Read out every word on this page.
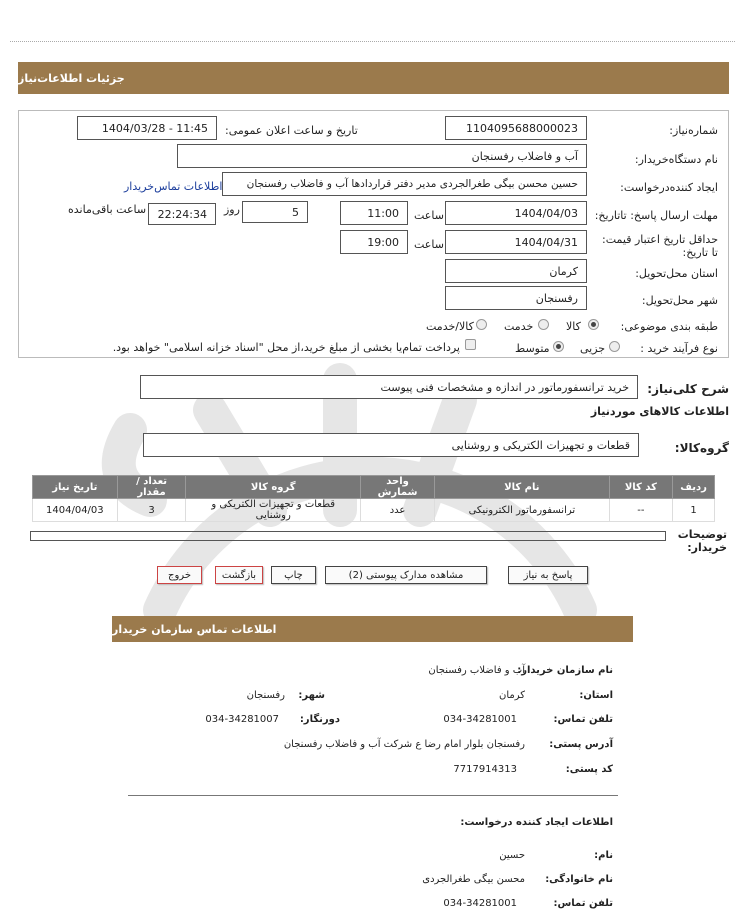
جزئیات اطلاعات‌نیاز
شماره‌نیاز:
1104095688000023
تاریخ و ساعت اعلان عمومی:
1404/03/28 - 11:45
نام دستگاه‌خریدار:
آب و فاضلاب رفسنجان
ایجاد کننده‌درخواست:
حسین محسن بیگی طغرالجردی مدیر دفتر قراردادها آب و فاضلاب رفسنجان
اطلاعات تماس‌خریدار
مهلت ارسال پاسخ: تاتاریخ:
1404/04/03
ساعت
11:00
5
روز
22:24:34
ساعت باقی‌مانده
حداقل تاریخ اعتبار قیمت: تا تاریخ:
1404/04/31
ساعت
19:00
استان محل‌تحویل:
کرمان
شهر محل‌تحویل:
رفسنجان
طبقه بندی موضوعی:
کالا
خدمت
کالا/خدمت
نوع فرآیند خرید :
جزیی
متوسط
پرداخت تمام‌یا بخشی از مبلغ خرید،از محل "اسناد خزانه اسلامی" خواهد بود.
شرح کلی‌نیاز:
خرید ترانسفورماتور در اندازه و مشخصات فنی پیوست
اطلاعات کالاهای موردنیاز
گروه‌کالا:
قطعات و تجهیزات الکتریکی و روشنایی
ردیف	کد کالا	نام کالا	واحد شمارش	گروه کالا	تعداد / مقدار	تاریخ نیاز
1	--	ترانسفورماتور الکترونیکی	عدد	قطعات و تجهیزات الکتریکی و روشنایی	3	1404/04/03
توضیحات خریدار:
پاسخ به نیاز
مشاهده مدارک پیوستی (2)
چاپ
بازگشت
خروج
اطلاعات تماس سازمان خریدار
نام سازمان خریدار:
آب و فاضلاب رفسنجان
استان:
کرمان
شهر:
رفسنجان
تلفن تماس:
034-34281001
دورنگار:
034-34281007
آدرس پستی:
رفسنجان بلوار امام رضا ع شرکت آب و فاضلاب رفسنجان
کد پستی:
7717914313
اطلاعات ایجاد کننده درخواست:
نام:
حسین
نام خانوادگی:
محسن بیگی طغرالجردی
تلفن تماس:
034-34281001
